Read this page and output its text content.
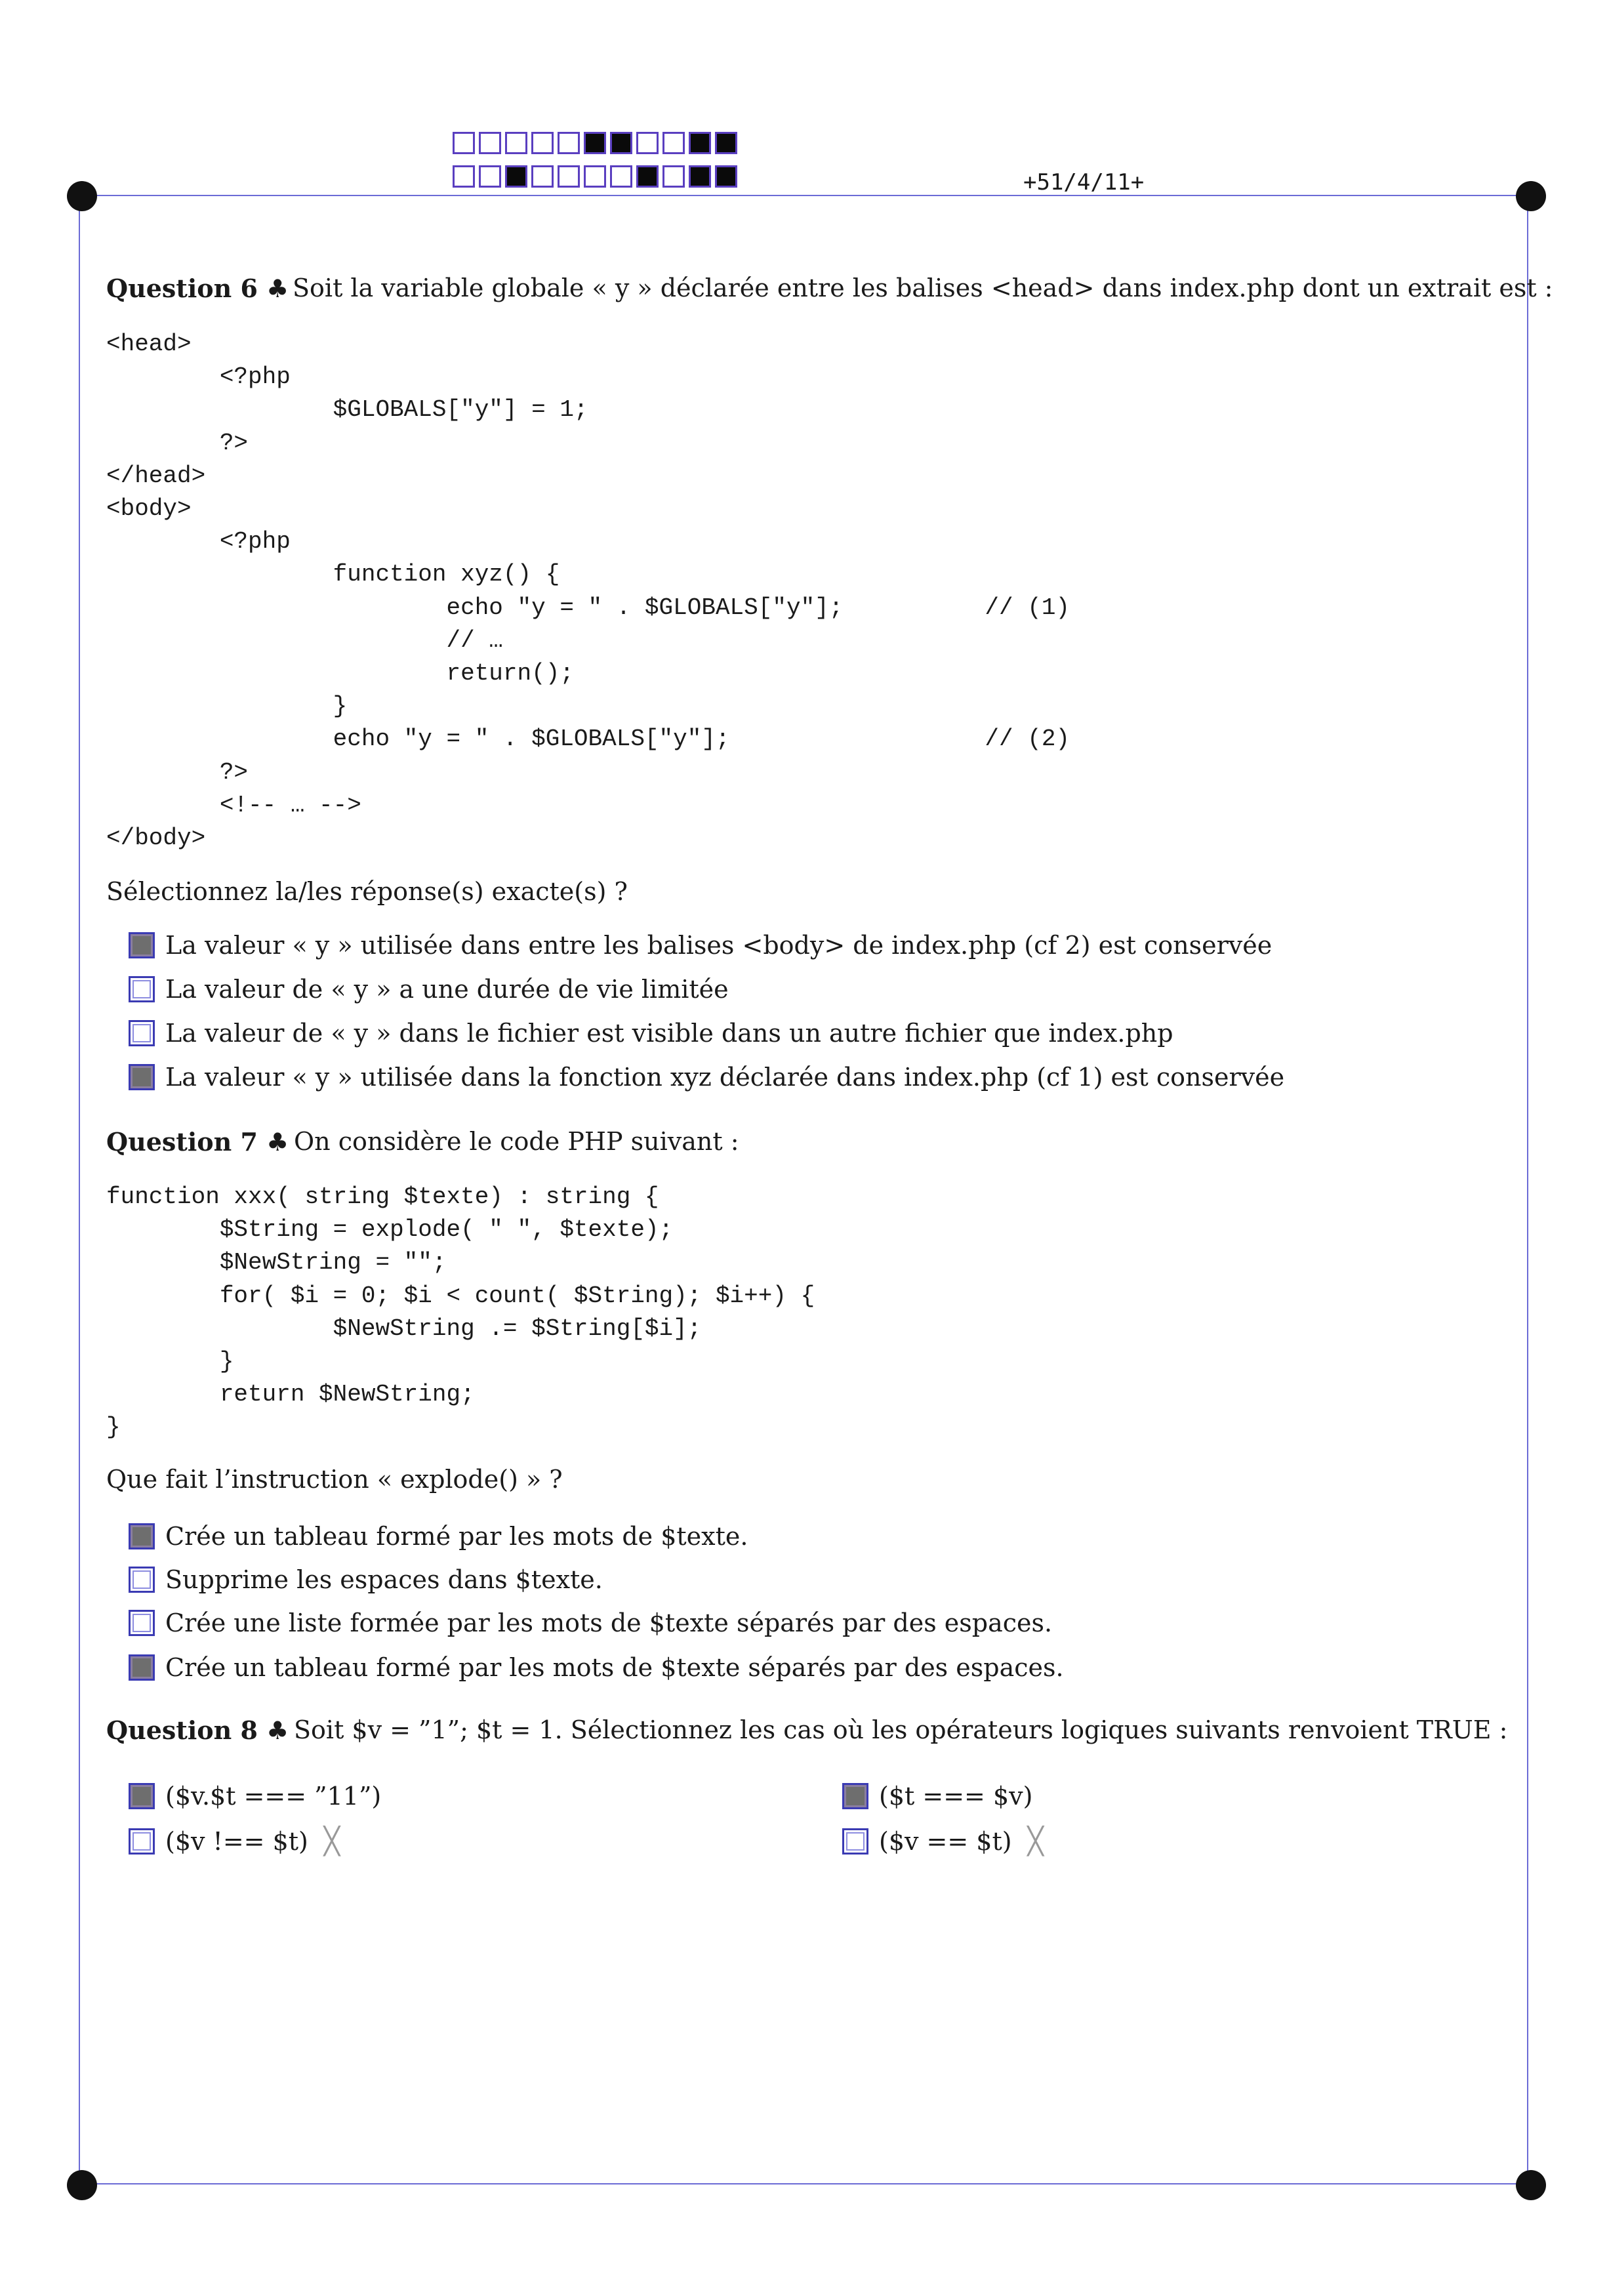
+51/4/11+
Question 6 ♣ Soit la variable globale « y » déclarée entre les balises <head> dans index.php dont un extrait est :
<head>
<?php
$GLOBALS["y"] = 1;
?>
</head>
<body>
<?php
function xyz() {
echo "y = " . $GLOBALS["y"];          // (1)
// …
return();
}
echo "y = " . $GLOBALS["y"];                  // (2)
?>
<!-- … -->
</body>
Sélectionnez la/les réponse(s) exacte(s) ?
La valeur « y » utilisée dans entre les balises <body> de index.php (cf 2) est conservée
La valeur de « y » a une durée de vie limitée
La valeur de « y » dans le fichier est visible dans un autre fichier que index.php
La valeur « y » utilisée dans la fonction xyz déclarée dans index.php (cf 1) est conservée
Question 7 ♣ On considère le code PHP suivant :
function xxx( string $texte) : string {
$String = explode( " ", $texte);
$NewString = "";
for( $i = 0; $i < count( $String); $i++) {
$NewString .= $String[$i];
}
return $NewString;
}
Que fait l’instruction « explode() » ?
Crée un tableau formé par les mots de $texte.
Supprime les espaces dans $texte.
Crée une liste formée par les mots de $texte séparés par des espaces.
Crée un tableau formé par les mots de $texte séparés par des espaces.
Question 8 ♣ Soit $v = ”1”; $t = 1. Sélectionnez les cas où les opérateurs logiques suivants renvoient TRUE :
($v.$t === ”11”)	($t === $v)
($v !== $t) ╳	($v == $t) ╳
